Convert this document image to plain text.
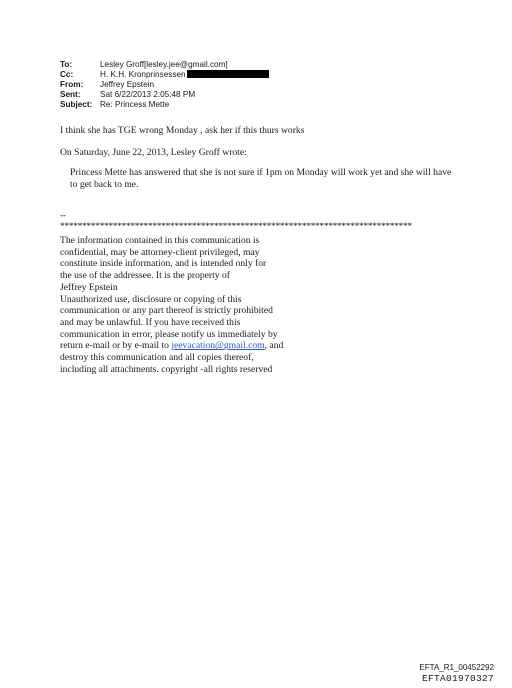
To:	Lesley Groff[lesley.jee@gmail.com]
Cc:	H. K.H. Kronprinsessen
From:	Jeffrey Epstein
Sent:	Sat 6/22/2013 2:05:48 PM
Subject: Re: Princess Mette
I think she has TGE wrong Monday , ask her if this thurs works
On Saturday, June 22, 2013, Lesley Groff wrote:
Princess Mette has answered that she is not sure if 1pm on Monday will work yet and she will have to get back to me.
--
********************************************************************************
The information contained in this communication is
confidential, may be attorney-client privileged, may
constitute inside information, and is intended only for
the use of the addressee. It is the property of
Jeffrey Epstein
Unauthorized use, disclosure or copying of this
communication or any part thereof is strictly prohibited
and may be unlawful. If you have received this
communication in error, please notify us immediately by
return e-mail or by e-mail to jeevacation@gmail.com, and
destroy this communication and all copies thereof,
including all attachments. copyright -all rights reserved
EFTA_R1_00452292
EFTA01970327
